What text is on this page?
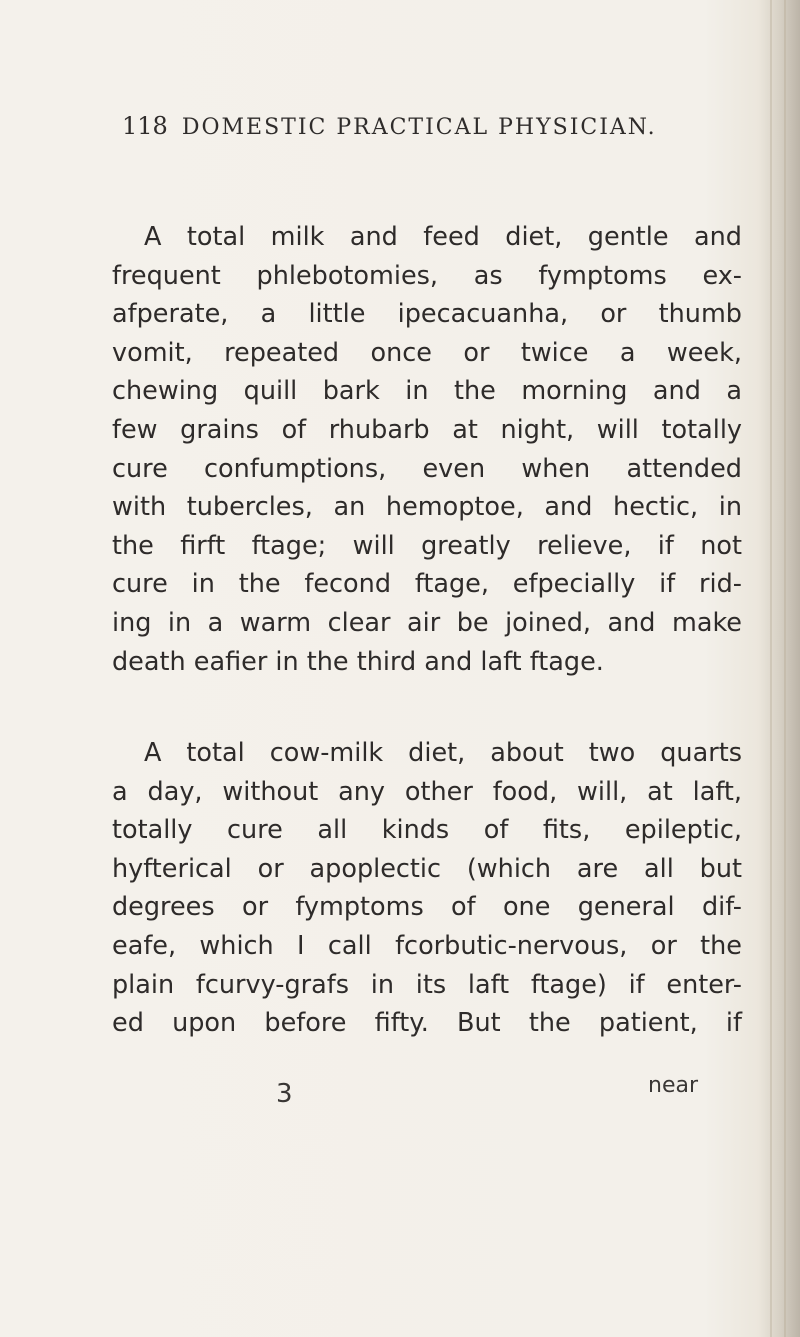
118 DOMESTIC PRACTICAL PHYSICIAN.
A total milk and feed diet, gentle and
frequent phlebotomies, as fymptoms ex-
afperate, a little ipecacuanha, or thumb
vomit, repeated once or twice a week,
chewing quill bark in the morning and a
few grains of rhubarb at night, will totally
cure confumptions, even when attended
with tubercles, an hemoptoe, and hectic, in
the firft ftage; will greatly relieve, if not
cure in the fecond ftage, efpecially if rid-
ing in a warm clear air be joined, and make
death eafier in the third and laft ftage.
A total cow-milk diet, about two quarts
a day, without any other food, will, at laft,
totally cure all kinds of fits, epileptic,
hyfterical or apoplectic (which are all but
degrees or fymptoms of one general dif-
eafe, which I call fcorbutic-nervous, or the
plain fcurvy-grafs in its laft ftage) if enter-
ed upon before fifty. But the patient, if
3	near
